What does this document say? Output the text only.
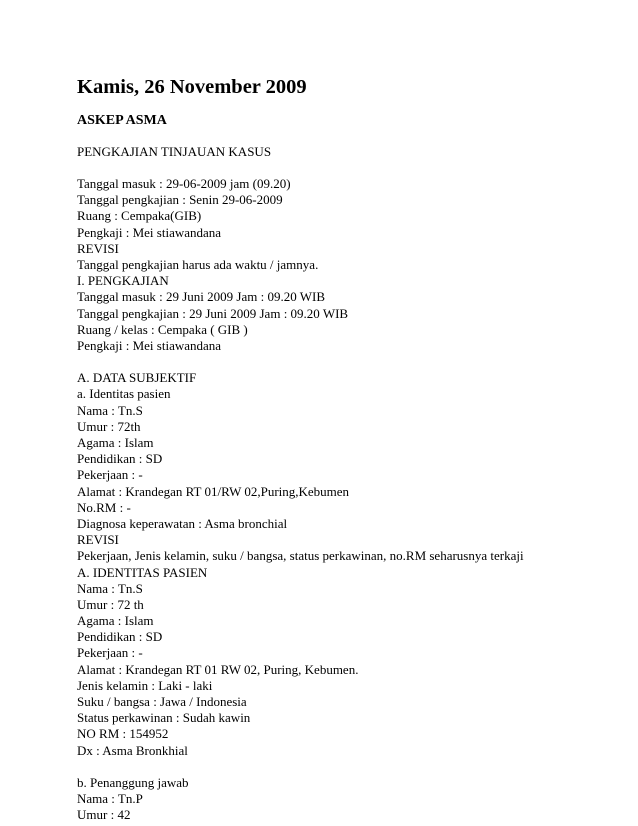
Kamis, 26 November 2009
ASKEP ASMA
PENGKAJIAN TINJAUAN KASUS
Tanggal masuk : 29-06-2009 jam (09.20)
Tanggal pengkajian : Senin 29-06-2009
Ruang : Cempaka(GIB)
Pengkaji : Mei stiawandana
REVISI
Tanggal pengkajian harus ada waktu / jamnya.
I. PENGKAJIAN
Tanggal masuk : 29 Juni 2009 Jam : 09.20 WIB
Tanggal pengkajian : 29 Juni 2009 Jam : 09.20 WIB
Ruang / kelas : Cempaka ( GIB )
Pengkaji : Mei stiawandana
A. DATA SUBJEKTIF
a. Identitas pasien
Nama : Tn.S
Umur : 72th
Agama : Islam
Pendidikan : SD
Pekerjaan : -
Alamat : Krandegan RT 01/RW 02,Puring,Kebumen
No.RM : -
Diagnosa keperawatan : Asma bronchial
REVISI
Pekerjaan, Jenis kelamin, suku / bangsa, status perkawinan, no.RM seharusnya terkaji
A. IDENTITAS PASIEN
Nama : Tn.S
Umur : 72 th
Agama : Islam
Pendidikan : SD
Pekerjaan : -
Alamat : Krandegan RT 01 RW 02, Puring, Kebumen.
Jenis kelamin : Laki - laki
Suku / bangsa : Jawa / Indonesia
Status perkawinan : Sudah kawin
NO RM : 154952
Dx : Asma Bronkhial
b. Penanggung jawab
Nama : Tn.P
Umur : 42
